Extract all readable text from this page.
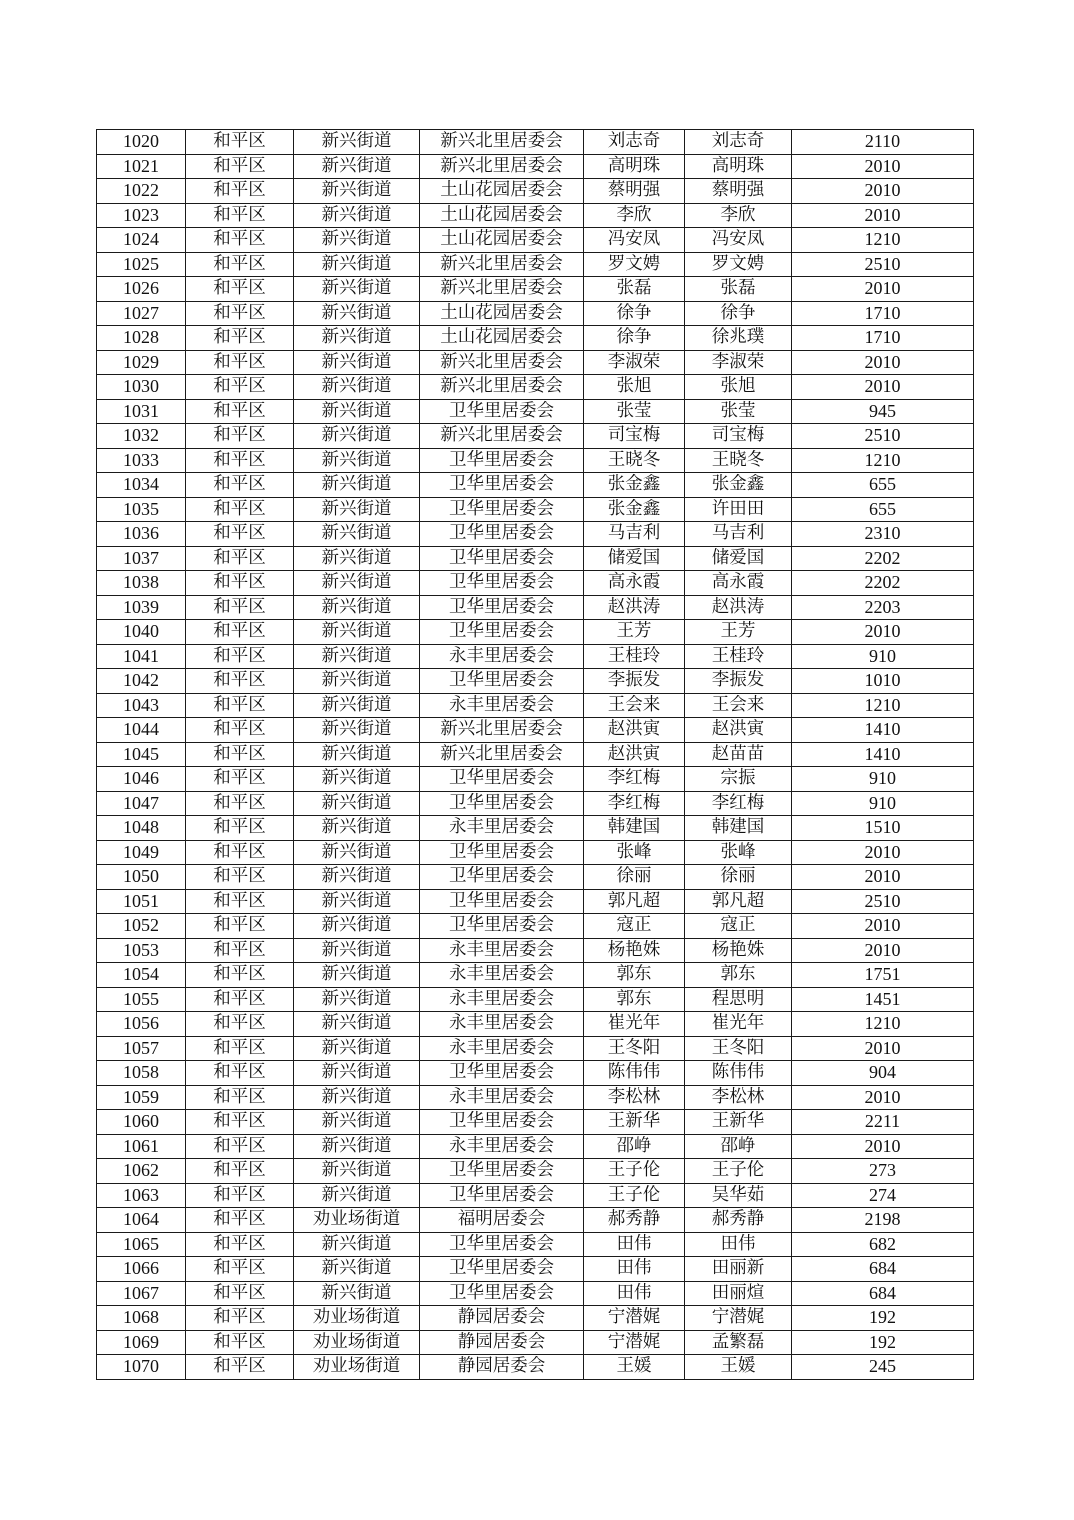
1020	和平区	新兴街道	新兴北里居委会	刘志奇	刘志奇	2110
1021	和平区	新兴街道	新兴北里居委会	高明珠	高明珠	2010
1022	和平区	新兴街道	土山花园居委会	蔡明强	蔡明强	2010
1023	和平区	新兴街道	土山花园居委会	李欣	李欣	2010
1024	和平区	新兴街道	土山花园居委会	冯安凤	冯安凤	1210
1025	和平区	新兴街道	新兴北里居委会	罗文娉	罗文娉	2510
1026	和平区	新兴街道	新兴北里居委会	张磊	张磊	2010
1027	和平区	新兴街道	土山花园居委会	徐争	徐争	1710
1028	和平区	新兴街道	土山花园居委会	徐争	徐兆璞	1710
1029	和平区	新兴街道	新兴北里居委会	李淑荣	李淑荣	2010
1030	和平区	新兴街道	新兴北里居委会	张旭	张旭	2010
1031	和平区	新兴街道	卫华里居委会	张莹	张莹	945
1032	和平区	新兴街道	新兴北里居委会	司宝梅	司宝梅	2510
1033	和平区	新兴街道	卫华里居委会	王晓冬	王晓冬	1210
1034	和平区	新兴街道	卫华里居委会	张金鑫	张金鑫	655
1035	和平区	新兴街道	卫华里居委会	张金鑫	许田田	655
1036	和平区	新兴街道	卫华里居委会	马吉利	马吉利	2310
1037	和平区	新兴街道	卫华里居委会	储爱国	储爱国	2202
1038	和平区	新兴街道	卫华里居委会	高永霞	高永霞	2202
1039	和平区	新兴街道	卫华里居委会	赵洪涛	赵洪涛	2203
1040	和平区	新兴街道	卫华里居委会	王芳	王芳	2010
1041	和平区	新兴街道	永丰里居委会	王桂玲	王桂玲	910
1042	和平区	新兴街道	卫华里居委会	李振发	李振发	1010
1043	和平区	新兴街道	永丰里居委会	王会来	王会来	1210
1044	和平区	新兴街道	新兴北里居委会	赵洪寅	赵洪寅	1410
1045	和平区	新兴街道	新兴北里居委会	赵洪寅	赵苗苗	1410
1046	和平区	新兴街道	卫华里居委会	李红梅	宗振	910
1047	和平区	新兴街道	卫华里居委会	李红梅	李红梅	910
1048	和平区	新兴街道	永丰里居委会	韩建国	韩建国	1510
1049	和平区	新兴街道	卫华里居委会	张峰	张峰	2010
1050	和平区	新兴街道	卫华里居委会	徐丽	徐丽	2010
1051	和平区	新兴街道	卫华里居委会	郭凡超	郭凡超	2510
1052	和平区	新兴街道	卫华里居委会	寇正	寇正	2010
1053	和平区	新兴街道	永丰里居委会	杨艳姝	杨艳姝	2010
1054	和平区	新兴街道	永丰里居委会	郭东	郭东	1751
1055	和平区	新兴街道	永丰里居委会	郭东	程思明	1451
1056	和平区	新兴街道	永丰里居委会	崔光年	崔光年	1210
1057	和平区	新兴街道	永丰里居委会	王冬阳	王冬阳	2010
1058	和平区	新兴街道	卫华里居委会	陈伟伟	陈伟伟	904
1059	和平区	新兴街道	永丰里居委会	李松林	李松林	2010
1060	和平区	新兴街道	卫华里居委会	王新华	王新华	2211
1061	和平区	新兴街道	永丰里居委会	邵峥	邵峥	2010
1062	和平区	新兴街道	卫华里居委会	王子伦	王子伦	273
1063	和平区	新兴街道	卫华里居委会	王子伦	吴华茹	274
1064	和平区	劝业场街道	福明居委会	郝秀静	郝秀静	2198
1065	和平区	新兴街道	卫华里居委会	田伟	田伟	682
1066	和平区	新兴街道	卫华里居委会	田伟	田丽新	684
1067	和平区	新兴街道	卫华里居委会	田伟	田丽煊	684
1068	和平区	劝业场街道	静园居委会	宁潜娓	宁潜娓	192
1069	和平区	劝业场街道	静园居委会	宁潜娓	孟繁磊	192
1070	和平区	劝业场街道	静园居委会	王媛	王媛	245
